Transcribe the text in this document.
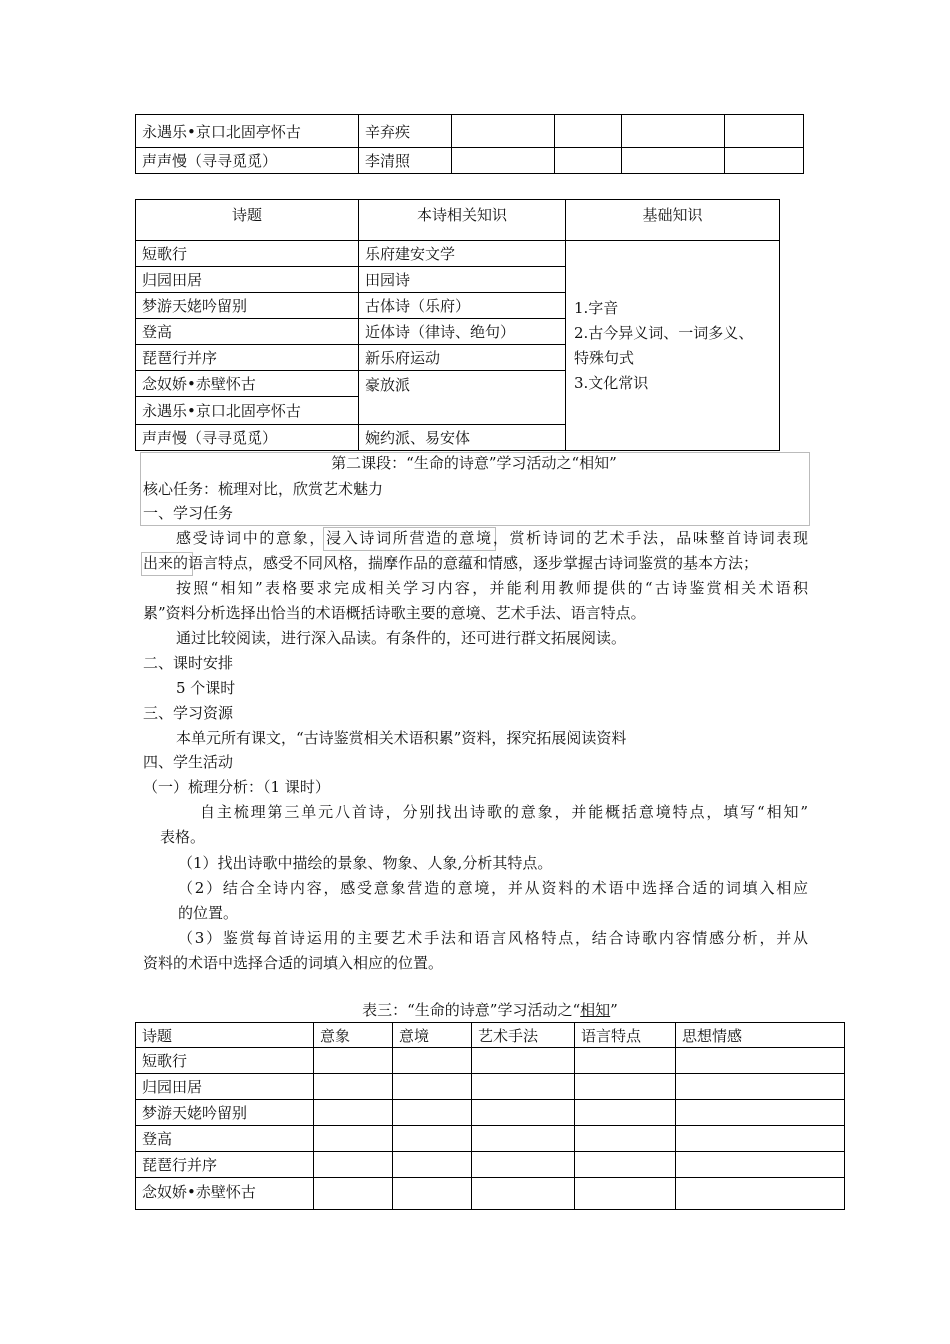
永遇乐•京口北固亭怀古	辛弃疾				
声声慢（寻寻觅觅）	李清照				
诗题	本诗相关知识	基础知识
短歌行	乐府建安文学	1.字音
2.古今异义词、一词多义、
特殊句式
3.文化常识

归园田居	田园诗	
梦游天姥吟留别	古体诗（乐府）	
登高	近体诗（律诗、绝句）	
琵琶行并序	新乐府运动	
念奴娇•赤壁怀古	豪放派	
永遇乐•京口北固亭怀古		
声声慢（寻寻觅觅）	婉约派、易安体	
第二课段：“生命的诗意”学习活动之“相知”
核心任务：梳理对比，欣赏艺术魅力
一、学习任务
感受诗词中的意象，浸入诗词所营造的意境，赏析诗词的艺术手法，品味整首诗词表现
出来的语言特点，感受不同风格，揣摩作品的意蕴和情感，逐步掌握古诗词鉴赏的基本方法；
按照“相知”表格要求完成相关学习内容，并能利用教师提供的“古诗鉴赏相关术语积
累”资料分析选择出恰当的术语概括诗歌主要的意境、艺术手法、语言特点。
通过比较阅读，进行深入品读。有条件的，还可进行群文拓展阅读。
二、课时安排
5 个课时
三、学习资源
本单元所有课文，“古诗鉴赏相关术语积累”资料，探究拓展阅读资料
四、学生活动
（一）梳理分析：（1 课时）
自主梳理第三单元八首诗，分别找出诗歌的意象，并能概括意境特点，填写“相知”
表格。
（1）找出诗歌中描绘的景象、物象、人象,分析其特点。
（2）结合全诗内容，感受意象营造的意境，并从资料的术语中选择合适的词填入相应
的位置。
（3）鉴赏每首诗运用的主要艺术手法和语言风格特点，结合诗歌内容情感分析，并从
资料的术语中选择合适的词填入相应的位置。
表三：“生命的诗意”学习活动之“相知”
诗题	意象	意境	艺术手法	语言特点	思想情感
短歌行					
归园田居					
梦游天姥吟留别					
登高					
琵琶行并序					
念奴娇•赤壁怀古					
